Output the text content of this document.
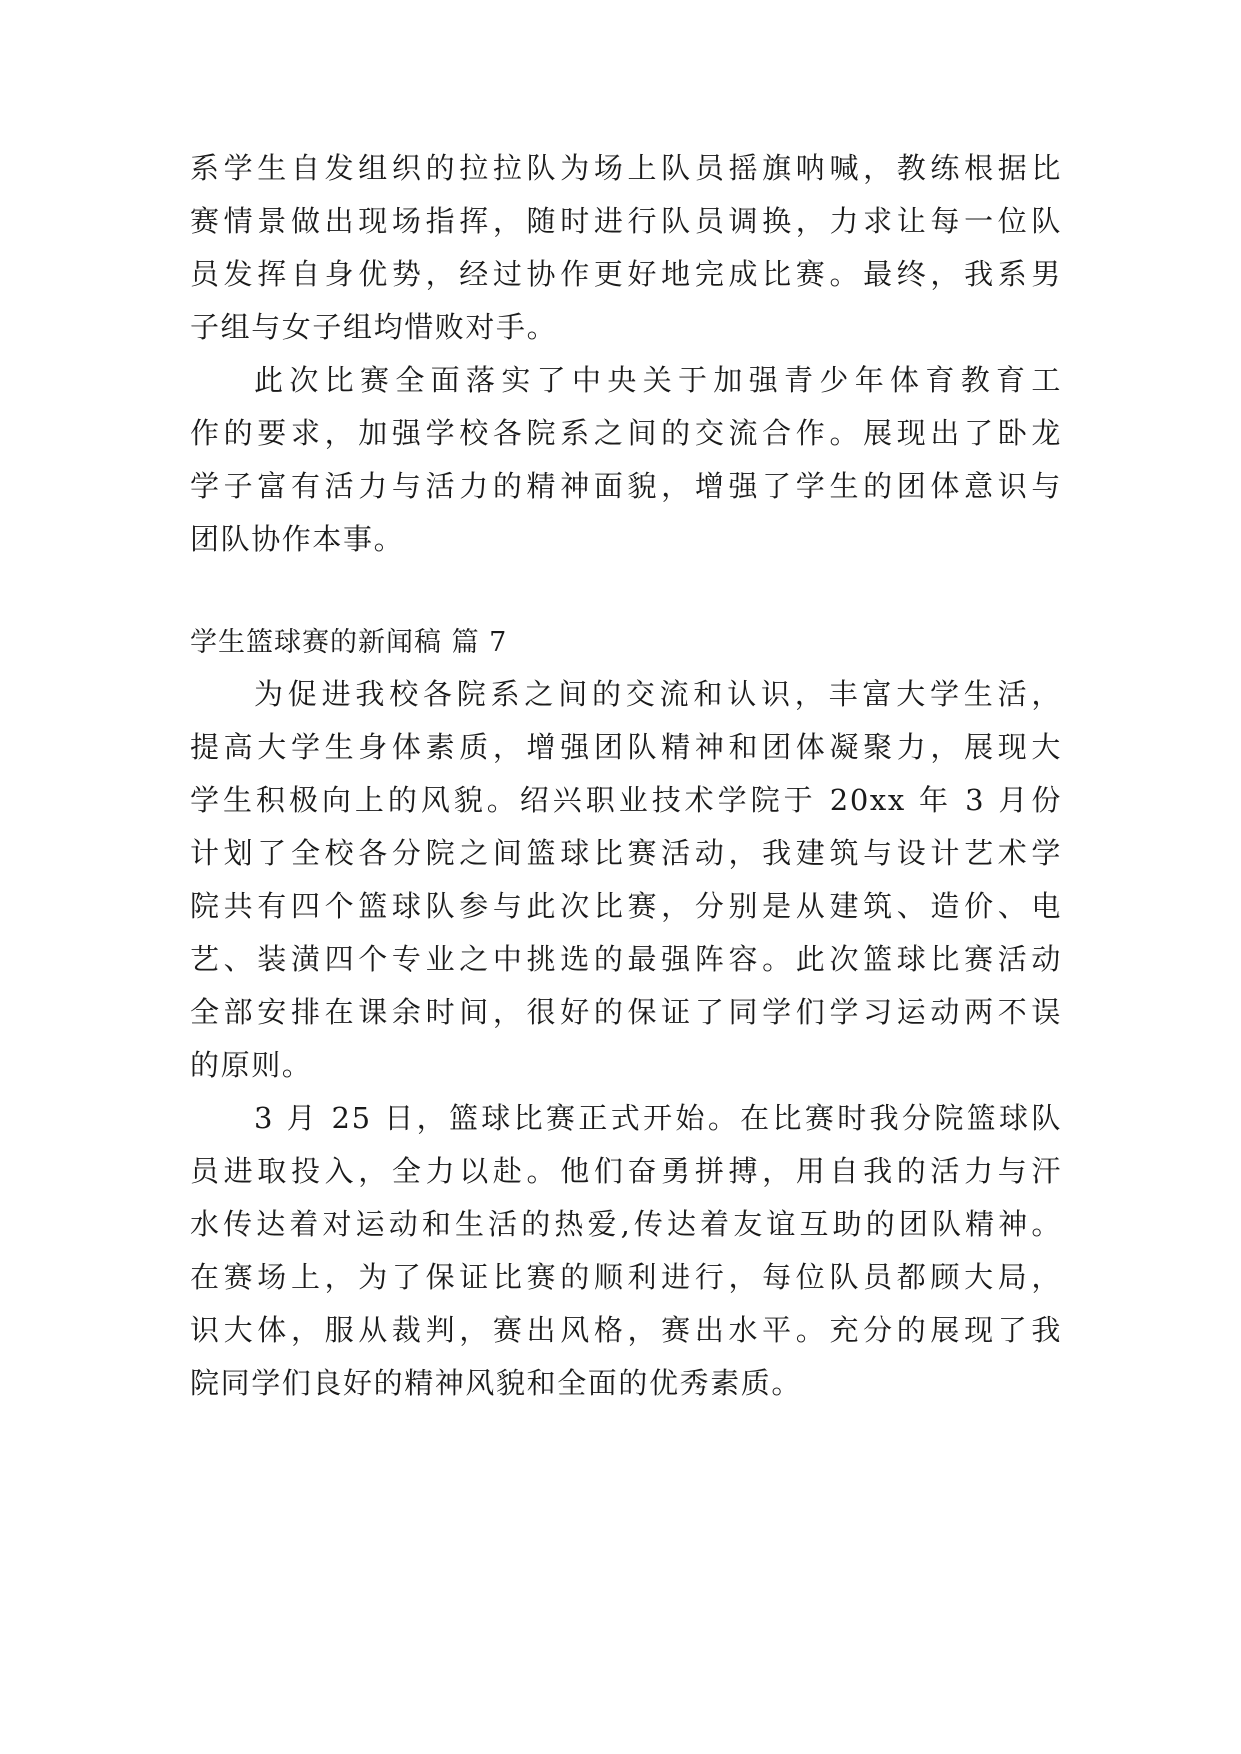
系学生自发组织的拉拉队为场上队员摇旗呐喊，教练根据比

赛情景做出现场指挥，随时进行队员调换，力求让每一位队

员发挥自身优势，经过协作更好地完成比赛。最终，我系男

子组与女子组均惜败对手。

此次比赛全面落实了中央关于加强青少年体育教育工

作的要求，加强学校各院系之间的交流合作。展现出了卧龙

学子富有活力与活力的精神面貌，增强了学生的团体意识与

团队协作本事。

学生篮球赛的新闻稿 篇 7

为促进我校各院系之间的交流和认识，丰富大学生活，

提高大学生身体素质，增强团队精神和团体凝聚力，展现大

学生积极向上的风貌。绍兴职业技术学院于 20xx 年 3 月份

计划了全校各分院之间篮球比赛活动，我建筑与设计艺术学

院共有四个篮球队参与此次比赛，分别是从建筑、造价、电

艺、装潢四个专业之中挑选的最强阵容。此次篮球比赛活动

全部安排在课余时间，很好的保证了同学们学习运动两不误

的原则。

3 月 25 日，篮球比赛正式开始。在比赛时我分院篮球队

员进取投入，全力以赴。他们奋勇拼搏，用自我的活力与汗

水传达着对运动和生活的热爱,传达着友谊互助的团队精神。

在赛场上，为了保证比赛的顺利进行，每位队员都顾大局，

识大体，服从裁判，赛出风格，赛出水平。充分的展现了我

院同学们良好的精神风貌和全面的优秀素质。
